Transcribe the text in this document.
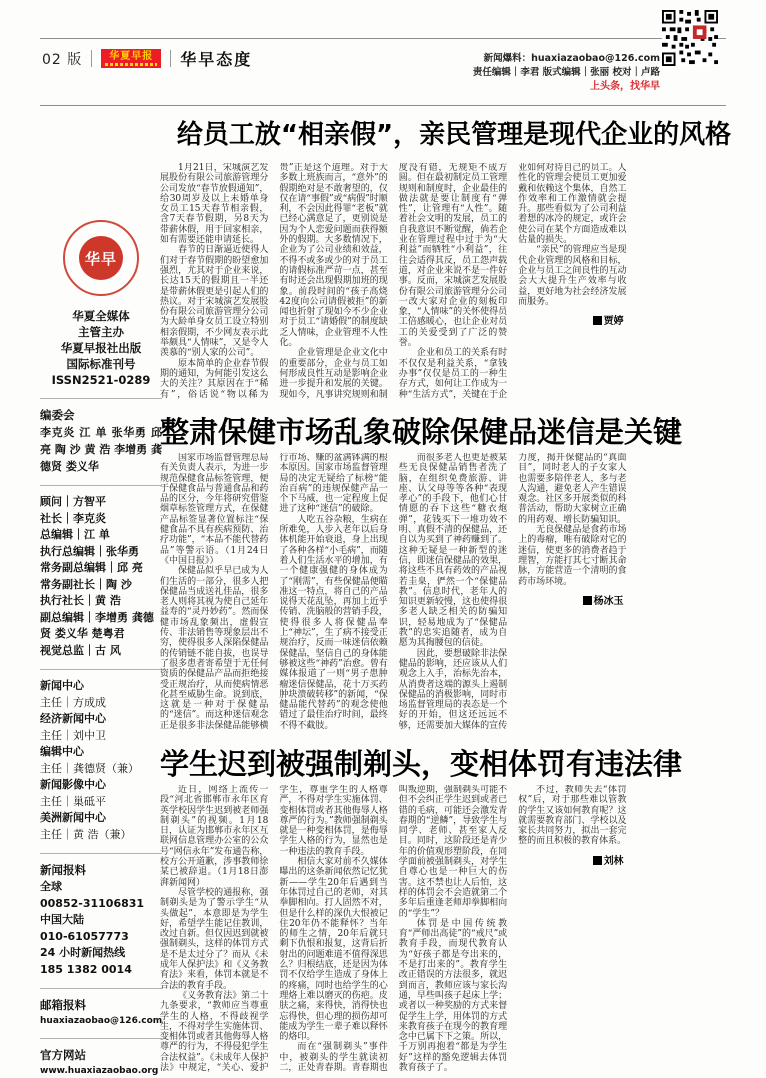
02 版	华夏早报 华早态度	新闻爆料：huaxiazaobao@126.com
责任编辑｜李君 版式编辑｜张丽 校对｜卢路
上头条，找华早
华早
华夏全媒体
主管主办
华夏早报社出版
国际标准刊号
ISSN2521-0289
编委会
李克炎 江 单 张华勇 邱 亮 陶 沙 黄 浩 李增勇 龚德贤 娄义华
顾问｜方智平
社长｜李克炎
总编辑｜江 单
执行总编辑｜张华勇
常务副总编辑｜邱 亮
常务副社长｜陶 沙
执行社长｜黄 浩
副总编辑｜李增勇 龚德贤 娄义华 楚粤君
视觉总监｜古 风
新闻中心
主任｜方成成
经济新闻中心
主任｜刘中卫
编辑中心
主任｜龚德贤（兼）
新闻影像中心
主任｜巢砥平
美洲新闻中心
主任｜黄 浩（兼）
新闻报料
全球
00852-31106831
中国大陆
010-61057773
24 小时新闻热线
185 1382 0014
邮箱报料
huaxiazaobao@126.com
官方网站
www.huaxiazaobao.org
给员工放“相亲假”，亲民管理是现代企业的风格

1月21日，宋城演艺发展股份有限公司旅游管理分公司发放“春节放假通知”，给30周岁及以上未婚单身女员工15天春节相亲假，含7天春节假期，另8天为带薪休假，用于回家相亲，如有需要还能申请延长。

春节的日渐逼近使得人们对于春节假期的盼望愈加强烈，尤其对于企业来说，长达15天的假期且一半还是带薪休假更是引起人们的热议。对于宋城演艺发展股份有限公司旅游管理分公司为大龄单身女员工设立特别相亲假期，不少网友表示此举颇具“人情味”，又是令人羡慕的“别人家的公司”。

原本简单的企业春节假期的通知，为何能引发这么大的关注？其原因在于“稀有”，俗话说“物以稀为贵”正是这个道理。对于大多数上班族而言，“意外”的假期绝对是不敢奢望的，仅仅在请“事假”或“病假”时顺利，不会因此得罪“老板”就已经心满意足了，更别说是因为个人恋爱问题而获得额外的假期。大多数情况下，企业为了公司业绩和效益，不得不或多或少的对于员工的请假标准严苛一点，甚至有时还会出现假期加班的现象。前段时间的“孩子高烧42度向公司请假被拒”的新闻也折射了现如今不少企业对于员工“请婚假”的制度缺乏人情味，企业管理不人性化。

企业管理是企业文化中的重要部分，企业与员工如何形成良性互动是影响企业进一步提升和发展的关键。现如今，凡事讲究规则和制度没有错，无规矩不成方圆。但在最初制定员工管理规则和制度时，企业最佳的做法就是要让制度有“弹性”，让管理有“人性”。随着社会文明的发展，员工的自我意识不断觉醒，倘若企业在管理过程中过于为“大利益”而牺牲“小利益”，往往会适得其反，员工怨声载道，对企业来说不是一件好事。反而，宋城演艺发展股份有限公司旅游管理分公司一改大家对企业的刻板印象，“人情味”的关怀使得员工倍感暖心，也让企业对员工的关爱受到了广泛的赞誉。

企业和员工的关系有时不仅仅是利益关系，“拿钱办事”仅仅是员工的一种生存方式，如何让工作成为一种“生活方式”，关键在于企业如何对待自己的员工。人性化的管理会使员工更加爱戴和依赖这个集体，自然工作效率和工作激情就会提升。那些看似为了公司利益着想的冰冷的规定，或许会使公司在某个方面造成难以估量的损失。

“亲民”的管理应当是现代企业管理的风格和目标，企业与员工之间良性的互动会大大提升生产效率与收益，更好地为社会经济发展而服务。

贾婷
整肃保健市场乱象破除保健品迷信是关键

国家市场监督管理总局有关负责人表示，为进一步规范保健食品标签管理，便于保健食品与普通食品和药品的区分，今年将研究借鉴烟草标签管理方式，在保健产品标签显著位置标注“保健食品不具有疾病预防、治疗功能”，“本品不能代替药品”等警示语。（1月24日《中国日报》）

保健品似乎早已成为人们生活的一部分，很多人把保健品当成送礼佳品，很多老人则将其视为使自己延年益寿的“灵丹妙药”。然而保健市场乱象频出，虚假宣传、非法销售等现象层出不穷，使得很多人深陷保健品的传销链不能自拔，也误导了很多患者寄希望于无任何资质的保健品产品而拒绝接受正规治疗，从而使病情恶化甚至威胁生命。说到底，这就是一种对于保健品的“迷信”。而这种迷信观念正是很多非法保健品能够横行市场、赚的盆满钵满的根本原因。国家市场监督管理局的决定无疑给了标榜“能治百病”的违规保健产品一个下马威，也一定程度上促进了这种“迷信”的破除。

人吃五谷杂粮，生病在所难免，人步入老年以后身体机能开始衰退，身上出现了各种各样“小毛病”，而随着人们生活水平的增加，有一个健康强健的身体成为了“刚需”，有些保健品便瞄准这一特点，将自己的产品说得天花乱坠，再加上近乎传销、洗脑般的营销手段，使得很多人将保健品奉上“神坛”，生了病不接受正规治疗，反而一味迷信依赖保健品，坚信自己的身体能够被这些“神药”治愈。曾有媒体报道了一则“男子患肿瘤迷信保健品，花十万买药肿块溃破转移”的新闻，“保健品能代替药”的观念使他错过了最佳治疗时间，最终不得不截肢。

而很多老人也更是被某些无良保健品销售者洗了脑，在组织免费旅游、讲座、认父母等等各种“表现孝心”的手段下，他们心甘情愿的吞下这些“糖衣炮弹”，花钱买下一堆功效不明、真假不清的保健品，还自以为买到了神药赚到了。这种无疑是一种新型的迷信，即迷信保健品的效果，将这些不具有药效的产品视若圭臬，俨然一个“保健品教”。信息时代，老年人的知识更新较慢，这也使得很多老人缺乏相关的防骗知识，轻易地成为了“保健品教”的忠实追随者，成为自愿为其掏腰包的信徒。

因此，要想破除非法保健品的影响，还应该从人们观念上入手，治标先治本，从消费者这端的源头上遏制保健品的消极影响，同时市场监督管理局的表态是一个好的开始，但这还远远不够，还需要加大媒体的宣传力度，揭开保健品的“真面目”，同时老人的子女家人也需要多陪伴老人，多与老人沟通，避免老人产生错误观念。社区多开展类似的科普活动，帮助大家树立正确的用药观、增长防骗知识。

无良保健品是食药市场上的毒瘤，唯有破除对它的迷信，使更多的消费者趋于理智，方能打其七寸断其命脉，方能营造一个清明的食药市场环境。

杨冰玉
学生迟到被强制剃头，变相体罚有违法律

近日，网络上流传一段“河北省邯郸市永年区育英学校因学生迟到被老师强制剃头”的视频。1月18日，认证为邯郸市永年区互联网信息管理办公室的公众号“网信永年”发布通告称，校方公开道歉，涉事教师徐某已被辞退。（1月18日澎湃新闻网）

尽管学校的通报称，强制剃头是为了警示学生“从头做起”，本意即是为学生好，希望学生能记住教训，改过自新。但仅因迟到就被强制剃头，这样的体罚方式是不是太过分了？而从《未成年人保护法》和《义务教育法》来看，体罚本就是不合法的教育手段。

《义务教育法》第二十九条要求，“教师应当尊重学生的人格，不得歧视学生，不得对学生实施体罚、变相体罚或者其他侮辱人格尊严的行为，不得侵犯学生合法权益”。《未成年人保护法》中规定，“关心、爱护学生，尊重学生的人格尊严，不得对学生实施体罚、变相体罚或者其他侮辱人格尊严的行为。”教师强制剃头就是一种变相体罚，是侮辱学生人格的行为，显然也是一种违法的教育手段。

相信大家对前不久媒体曝出的这条新闻依然记忆犹新——学生20年后遇到当年体罚过自己的老师，对其拳脚相向。打人固然不对，但是什么样的深仇大恨被记住20年仍不能释怀？当年的师生之情，20年后就只剩下仇恨和报复，这背后折射出的问题难道不值得深思么？归根结底，还是因为体罚不仅给学生造成了身体上的疼痛，同时也给学生的心理烙上难以磨灭的伤疤。皮肤之痛，来得快，消得快也忘得快，但心理的损伤却可能成为学生一辈子难以释怀的烙印。

而在“强制剃头”事件中，被剃头的学生就读初二，正处青春期。青春期也叫叛逆期，强制剃头可能不但不会纠正学生迟到或者已错的毛病，可能还会激发青春期的“逆鳞”，导致学生与同学、老师、甚至家人反目。同时，这阶段还是青少年的价值观形塑阶段，在同学面前被强制剃头，对学生自尊心也是一种巨大的伤害。这不禁也让人后怕，这样的体罚会不会造就第二个多年后重逢老师却拳脚相向的“学生”？

体罚是中国传统教育“严师出高徒”的“戒尺”或教育手段，而现代教育认为“好孩子都是夸出来的，不是打出来的”。教育学生改正错误的方法很多，就迟到而言，教师应该与家长沟通，早些叫孩子起床上学；或者以一种奖励的方式来督促学生上学，用体罚的方式来教育孩子在现今的教育理念中已属下下之策。所以，千万别再抱着“都是为学生好”这样的豁免逻辑去体罚教育孩子了。

不过，教师失去“体罚权”后，对于那些难以管教的学生又该如何教育呢？这就需要教育部门、学校以及家长共同努力，拟出一套完整的而且积极的教育体系。

刘林
